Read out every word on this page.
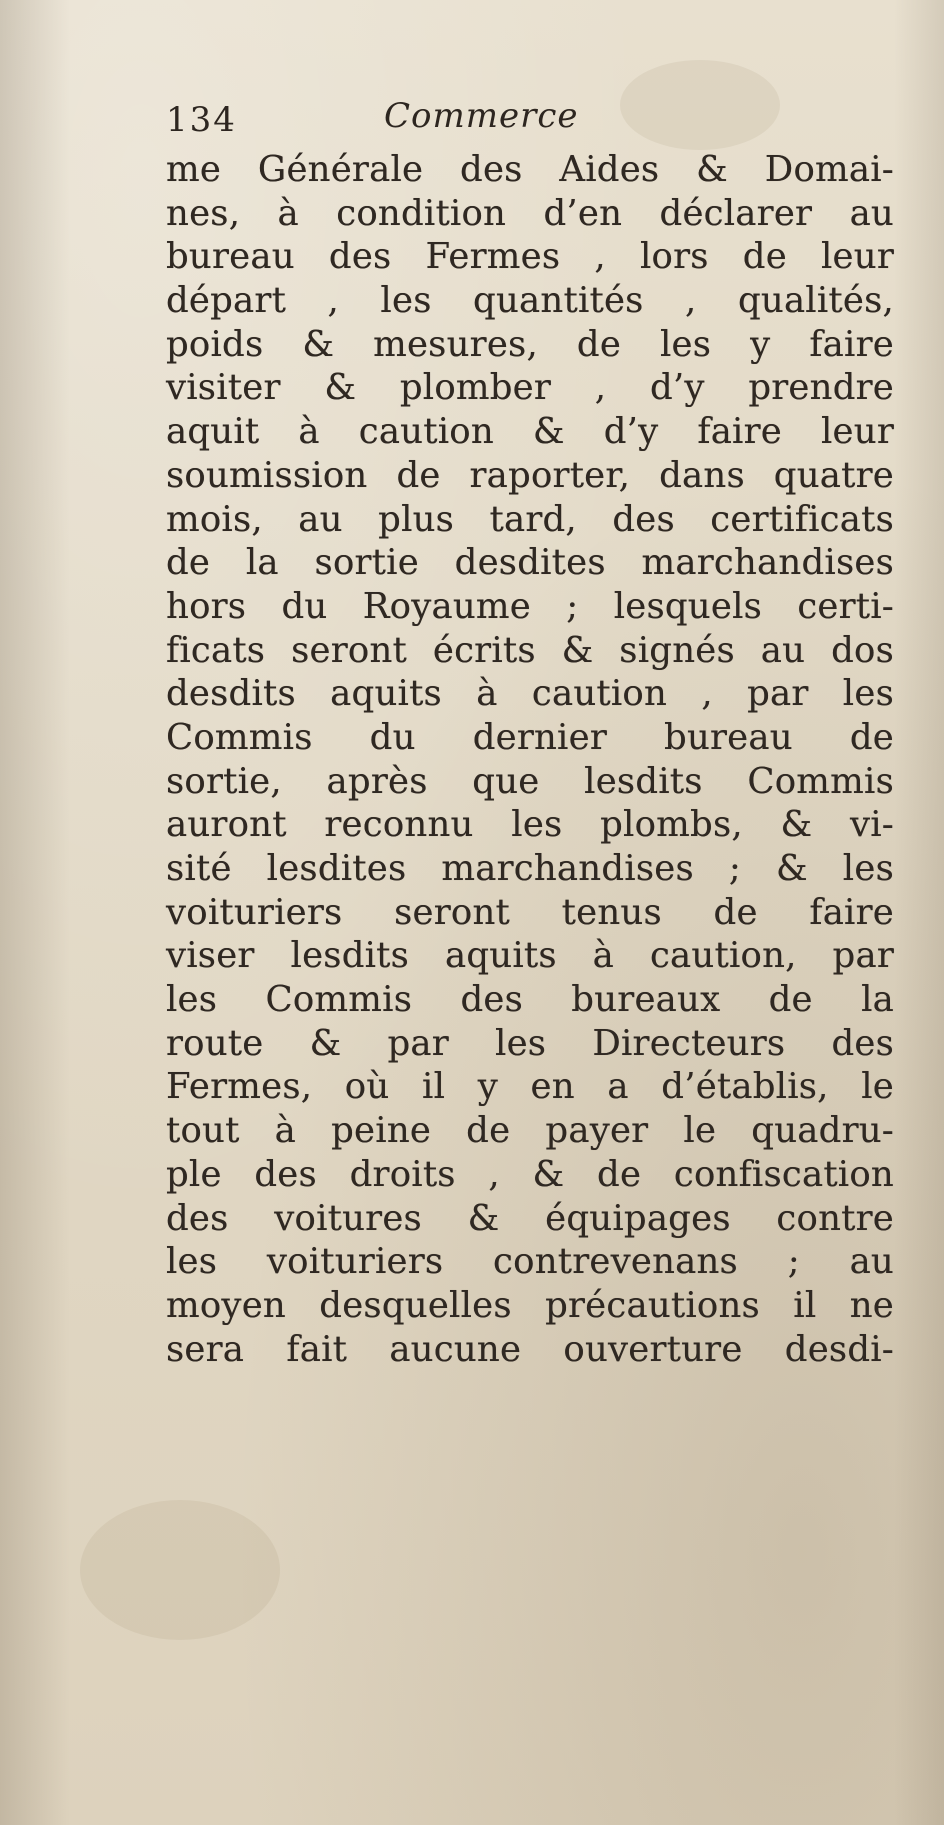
134	Commerce
me Générale des Aides & Domai-
nes, à condition d’en déclarer au
bureau des Fermes , lors de leur
départ , les quantités , qualités,
poids & mesures, de les y faire
visiter & plomber , d’y prendre
aquit à caution & d’y faire leur
soumission de raporter, dans quatre
mois, au plus tard, des certificats
de la sortie desdites marchandises
hors du Royaume ; lesquels certi-
ficats seront écrits & signés au dos
desdits aquits à caution , par les
Commis du dernier bureau de
sortie, après que lesdits Commis
auront reconnu les plombs, & vi-
sité lesdites marchandises ; & les
voituriers seront tenus de faire
viser lesdits aquits à caution, par
les Commis des bureaux de la
route & par les Directeurs des
Fermes, où il y en a d’établis, le
tout à peine de payer le quadru-
ple des droits , & de confiscation
des voitures & équipages contre
les voituriers contrevenans ; au
moyen desquelles précautions il ne
sera fait aucune ouverture desdi-
